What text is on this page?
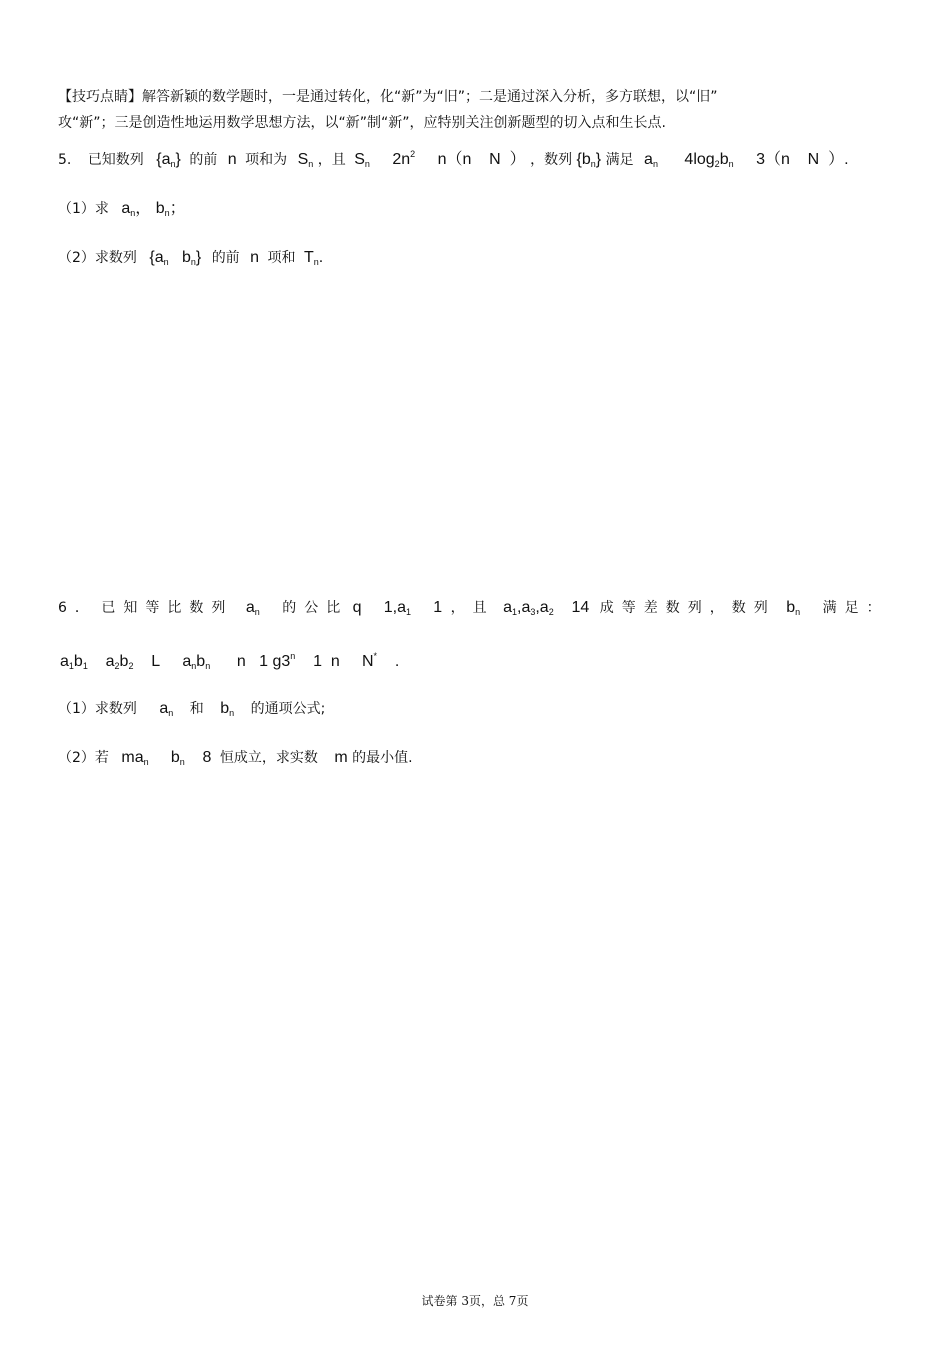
【技巧点睛】解答新颖的数学题时，一是通过转化，化“新”为“旧”；二是通过深入分析，多方联想，以“旧”
攻“新”；三是创造性地运用数学思想方法，以“新”制“新”，应特别关注创新题型的切入点和生长点.
5. 已知数列 $\{a_n\}$ 的前 n 项和为 $S_n$ ，且 $S_n$ $2n^2$ n（n    N  ） ，数列 $\{b_n\}$ 满足 $a_n$ $4\log_2b_n$ 3（n    N  ）.
（1）求 $a_n$， $b_n$；
（2）求数列 {$a_n$   $b_n$} 的前 n 项和 $T_n$.
6． 已知等比数列 $a_n$ 的公比 q     $1,a_1$     1 ，且 $a_1,a_3,a_2$    14 成等差数列，数列 $b_n$ 满足：
$a_1b_1$    $a_2b_2$    L     $a_nb_n$      n   1 g3$^n$    1  n     N*    .
（1）求数列 $a_n$ 和 $b_n$ 的通项公式;
（2）若 $ma_n$     $b_n$    8 恒成立，求实数 m 的最小值.
试卷第 3页，总 7页
